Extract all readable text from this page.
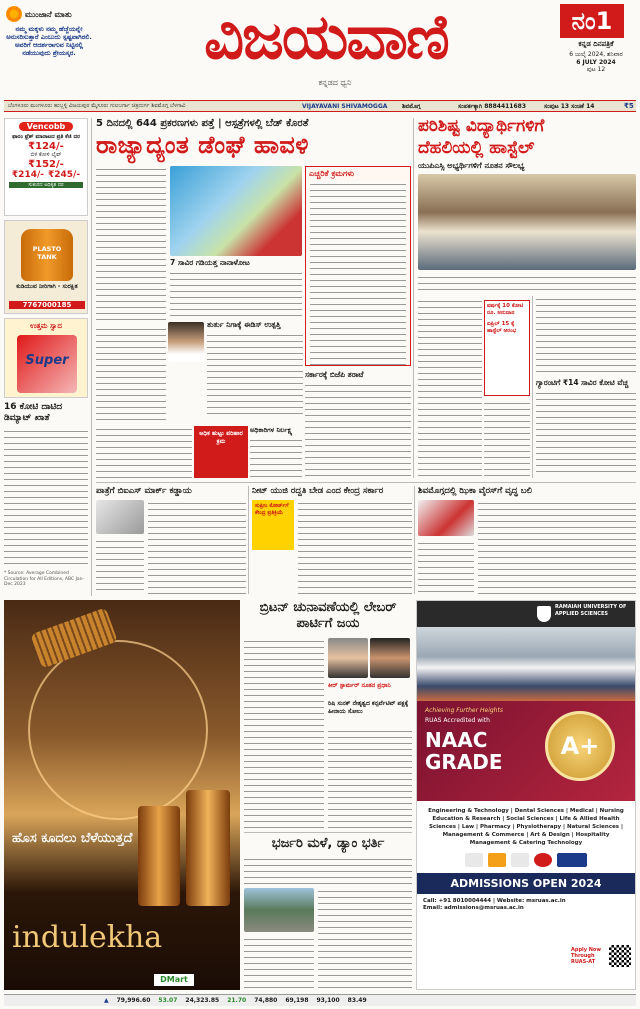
ಮುಂಜಾನೆ ಮಾತು
ನಮ್ಮ ಮಕ್ಕಳು ನಮ್ಮ ಹೆಜ್ಜೆಯನ್ನೇ ಅನುಸರಿಸುತ್ತಾರೆ ಎಂಬುದು ಸ್ಪಷ್ಟವಾಗಿರಲಿ. ಅವರಿಗೆ ಆದರ್ಶರಾಗುವ ನಿಟ್ಟಿನಲ್ಲಿ ನಡೆಯುವುದು ಶ್ರೇಯಸ್ಕರ.	ವಿಜಯವಾಣಿ
ಕನ್ನಡದ ಧ್ವನಿ
ನಂ1
ಕನ್ನಡ ದಿನಪತ್ರಿಕೆ
6 ಜುಲೈ 2024, ಶನಿವಾರ
6 JULY 2024
ಪುಟ 12
ಬೆಂಗಳೂರು ಮಂಗಳೂರು ಹುಬ್ಬಳ್ಳಿ ವಿಜಯಪುರ ಮೈಸೂರು ಗುಲಬರ್ಗಾ ಚಿತ್ರದುರ್ಗ ಶಿವಮೊಗ್ಗ ಬೆಳಗಾವಿ	VIJAYAVANI SHIVAMOGGA ಶಿವಮೊಗ್ಗ	ಸಂಪರ್ಕಕ್ಕಾಗಿ 8884411683	ಸಂಪುಟ 13 ಸಂಚಿಕೆ 14	₹5
Vencobb
ಫಾರಂ ಫ್ರೆಶ್ ಮಾರಾಟದ ಪ್ರತಿ ಕೆಜಿ ದರ
₹124/-
ಬಿಳಿ ಕೋಳಿ ಲೈವ್
₹152/-
₹214/- ₹245/-
ಸುಕುನದ ಅಧಿಕೃತ ದರ
PLASTO TANK
ಕುಡಿಯುವ ನೀರಿಗಾಗಿ - ಸುರಕ್ಷಿತ
7767000185
ಉತ್ತಮ ಸ್ವಾದ
Super
16 ಕೋಟಿ ದಾಟಿದ ಡಿಮ್ಯಾಟ್ ಖಾತೆ
* Source: Average Combined Circulation for All Editions, ABC Jan-Dec 2023
5 ದಿನದಲ್ಲಿ 644 ಪ್ರಕರಣಗಳು ಪತ್ತೆ | ಆಸ್ಪತ್ರೆಗಳಲ್ಲಿ ಬೆಡ್ ಕೊರತೆ
ರಾಜ್ಯಾದ್ಯಂತ ಡೆಂಘೆ ಹಾವಳಿ
ಎಚ್ಚರಿಕೆ ಕ್ರಮಗಳು
7 ಸಾವಿರ ಗಡಿಯತ್ತ ನಾನಾಳೋಟ
ತುರ್ತು ನಿಗಾಕ್ಕೆ ಈಡಿಸ್ ಉತ್ಪತ್ತಿ
ಸರ್ಕಾರಕ್ಕೆ ಬಿಜೆಪಿ ತರಾಟೆ
ಅಧಿಕ ಹುಟ್ಟು ಪರಿಹಾರ ಕ್ರಮ
ಅಧಿಕಾರಿಗಳ ನಿರ್ಲಕ್ಷ್ಯ
ಪರಿಶಿಷ್ಟ ವಿದ್ಯಾರ್ಥಿಗಳಿಗೆ
ದೆಹಲಿಯಲ್ಲಿ ಹಾಸ್ಟೆಲ್
ಯುಪಿಎಸ್ಸಿ ಅಭ್ಯರ್ಥಿಗಳಿಗೆ ನೂತನ ಸೌಲಭ್ಯ
ವರ್ಷಕ್ಕೆ 10 ಕೋಟಿ ರೂ. ಅನುದಾನ
ಏಪ್ರಿಲ್ 15 ಕ್ಕೆ ಹಾಸ್ಟೆಲ್ ಆರಂಭ
ಗ್ಯಾರಂಟಿಗೆ ₹14 ಸಾವಿರ ಕೋಟಿ ವೆಚ್ಚ
ಪಾತ್ರೆಗೆ ಬಿಐಎಸ್ ಮಾರ್ಕ್ ಕಡ್ಡಾಯ	ನೀಟ್ ಯುಜಿ ರದ್ದತಿ ಬೇಡ ಎಂದ ಕೇಂದ್ರ ಸರ್ಕಾರ
ಸುಪ್ರೀಂ ಕೋರ್ಟ್‌ಗೆ ಕೇಂದ್ರ ಪ್ರತಿಕ್ರಿಯೆ
ಶಿವಮೊಗ್ಗದಲ್ಲಿ ಝಿಕಾ ವೈರಸ್‌ಗೆ ವೃದ್ಧ ಬಲಿ
ಹೊಸ ಕೂದಲು ಬೆಳೆಯುತ್ತದೆ
indulekha
DMart
ಬ್ರಿಟನ್ ಚುನಾವಣೆಯಲ್ಲಿ ಲೇಬರ್ ಪಾರ್ಟಿಗೆ ಜಯ
ಕೀರ್ ಸ್ಟಾರ್ಮರ್ ನೂತನ ಪ್ರಧಾನಿ
ರಿಷಿ ಸುನಕ್ ನೇತೃತ್ವದ ಕನ್ಸರ್ವೆಟಿವ್ ಪಕ್ಷಕ್ಕೆ ಹೀನಾಯ ಸೋಲು
ಭರ್ಜರಿ ಮಳೆ, ಡ್ಯಾಂ ಭರ್ತಿ
RAMAIAH UNIVERSITY OF APPLIED SCIENCES
Achieving Further Heights
RUAS Accredited with
NAAC GRADE
A+
Engineering & Technology | Dental Sciences | Medical | Nursing Education & Research | Social Sciences | Life & Allied Health Sciences | Law | Pharmacy | Physiotherapy | Natural Sciences | Management & Commerce | Art & Design | Hospitality Management & Catering Technology
ADMISSIONS OPEN 2024
Call: +91 8010004444 | Website: msruas.ac.in
Email: admissions@msruas.ac.in
Apply Now Through RUAS-AT
▲ 79,996.60 53.07 24,323.85 21.70 74,880 69,198 93,100 83.49
